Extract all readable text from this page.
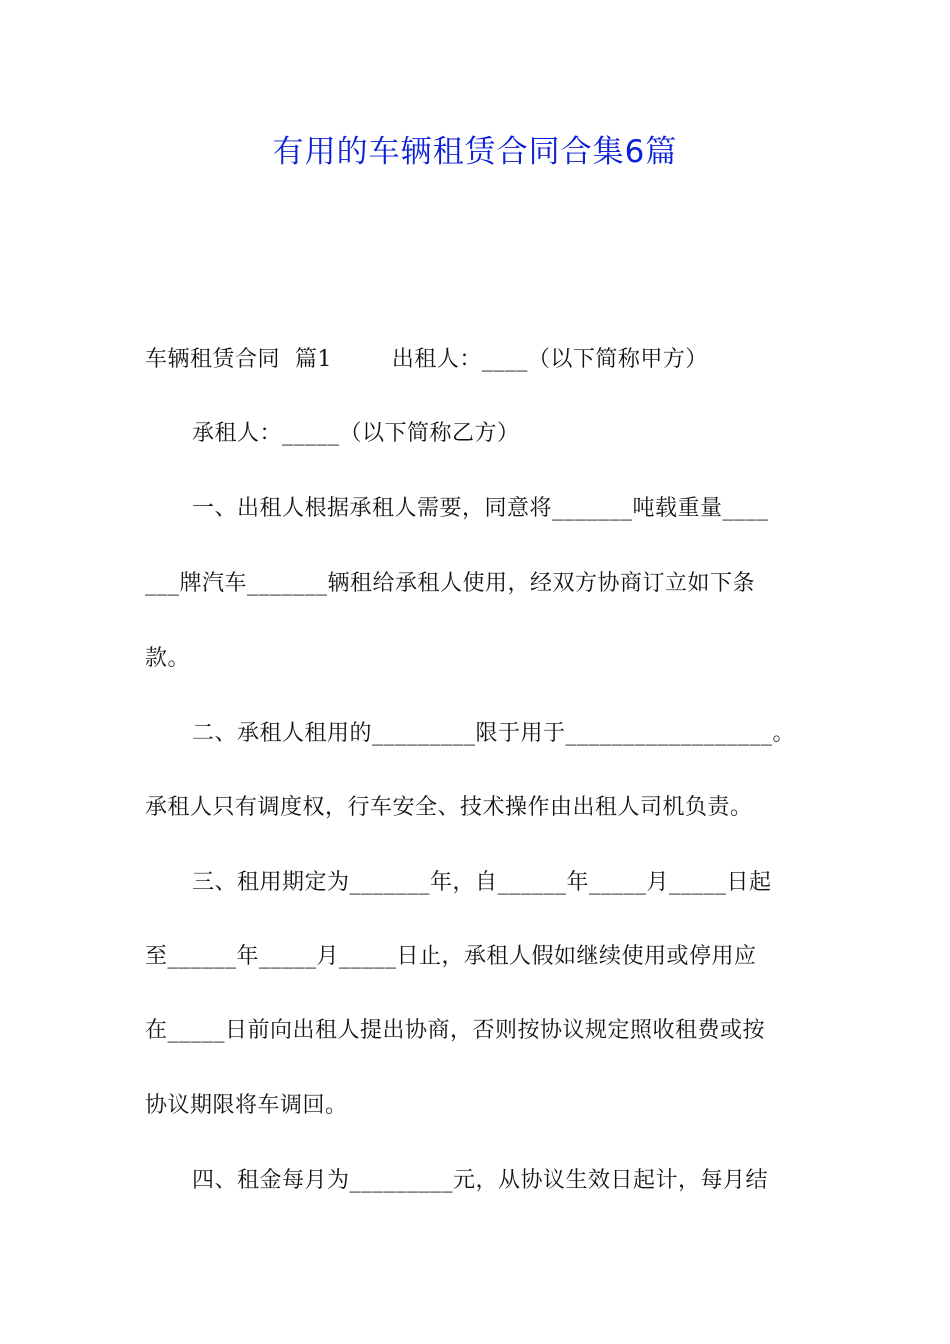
有用的车辆租赁合同合集6篇
车辆租赁合同  篇1        出租人：____（以下简称甲方）
承租人：_____（以下简称乙方）
一、出租人根据承租人需要，同意将_______吨载重量____
___牌汽车_______辆租给承租人使用，经双方协商订立如下条
款。
二、承租人租用的_________限于用于__________________。
承租人只有调度权，行车安全、技术操作由出租人司机负责。
三、租用期定为_______年，自______年_____月_____日起
至______年_____月_____日止，承租人假如继续使用或停用应
在_____日前向出租人提出协商，否则按协议规定照收租费或按
协议期限将车调回。
四、租金每月为_________元，从协议生效日起计，每月结
